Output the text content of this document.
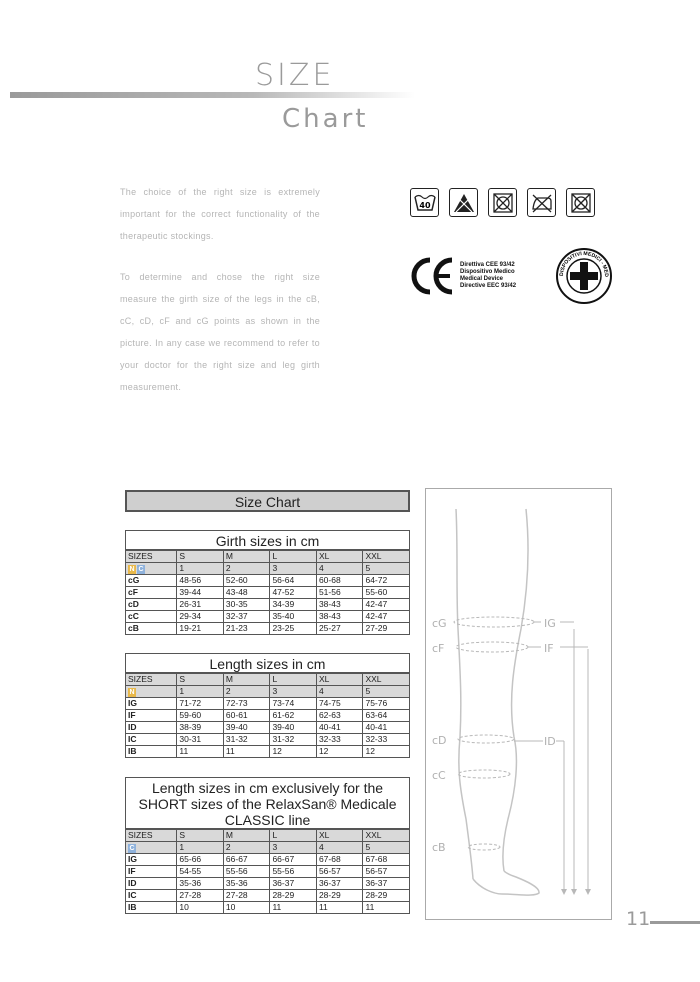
SIZE
Chart
The choice of the right size is extremely important for the correct functionality of the therapeutic stockings.
To determine and chose the right size measure the girth size of the legs in the cB, cC, cD, cF and cG points as shown in the picture. In any case we recommend to refer to your doctor for the right size and leg girth measurement.
40
Direttiva CEE 93/42
Dispositivo Medico
Medical Device
Directive EEC 93/42
DISPOSITIVI MEDICI - MED
Size Chart
Girth sizes in cm
SIZES	S	M	L	XL	XXL
N C	1	2	3	4	5
cG	48-56	52-60	56-64	60-68	64-72
cF	39-44	43-48	47-52	51-56	55-60
cD	26-31	30-35	34-39	38-43	42-47
cC	29-34	32-37	35-40	38-43	42-47
cB	19-21	21-23	23-25	25-27	27-29
Length sizes in cm
SIZES	S	M	L	XL	XXL
N	1	2	3	4	5
IG	71-72	72-73	73-74	74-75	75-76
IF	59-60	60-61	61-62	62-63	63-64
ID	38-39	39-40	39-40	40-41	40-41
IC	30-31	31-32	31-32	32-33	32-33
IB	11	11	12	12	12
Length sizes in cm exclusively for the
SHORT sizes of the RelaxSan® Medicale
CLASSIC line
SIZES	S	M	L	XL	XXL
C	1	2	3	4	5
IG	65-66	66-67	66-67	67-68	67-68
IF	54-55	55-56	55-56	56-57	56-57
ID	35-36	35-36	36-37	36-37	36-37
IC	27-28	27-28	28-29	28-29	28-29
IB	10	10	11	11	11
cG
cF
cD
cC
cB
IG
IF
ID
11
